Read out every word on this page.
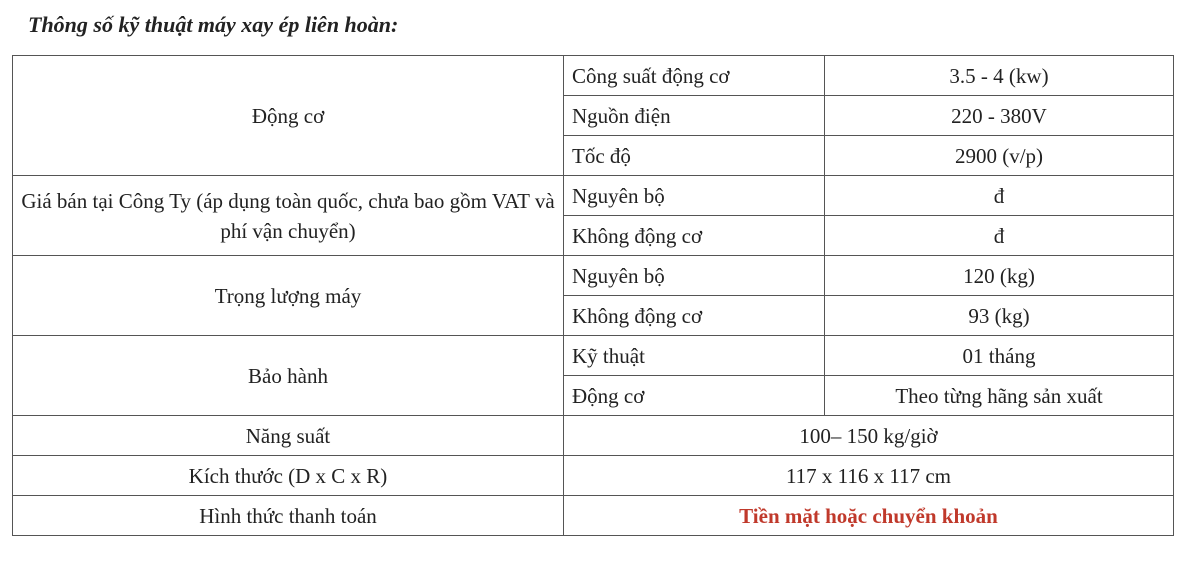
Thông số kỹ thuật máy xay ép liên hoàn:
Động cơ	Công suất động cơ	3.5 - 4 (kw)
	Nguồn điện	220 - 380V
	Tốc độ	2900 (v/p)
Giá bán tại Công Ty (áp dụng toàn quốc, chưa bao gồm VAT và phí vận chuyển)	Nguyên bộ	đ
	Không động cơ	đ
Trọng lượng máy	Nguyên bộ	120 (kg)
	Không động cơ	93 (kg)
Bảo hành	Kỹ thuật	01 tháng
	Động cơ	Theo từng hãng sản xuất
Năng suất	100– 150 kg/giờ	
Kích thước (D x C x R)	117 x 116 x 117 cm	
Hình thức thanh toán	Tiền mặt hoặc chuyển khoản	
